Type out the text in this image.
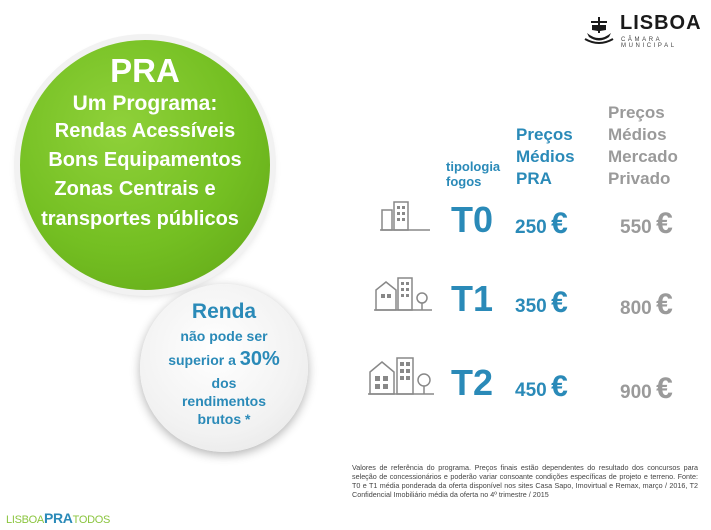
LISBOA
CÂMARA MUNICIPAL
PRA
Um Programa:
Rendas Acessíveis
Bons Equipamentos
Zonas Centrais e
transportes públicos
Renda
não pode ser
superior a 30%
dos
rendimentos
brutos *
tipologia
fogos
Preços
Médios
PRA
Preços
Médios
Mercado
Privado
T0 250 €	550 €
T1 350 €	800 €
T2 450 €	900 €
Valores de referência do programa. Preços finais estão dependentes do resultado dos concursos para seleção de concessionários e poderão variar consoante condições específicas de projeto e terreno. Fonte: T0 e T1 média ponderada da oferta disponível nos sites Casa Sapo, Imovirtual e Remax, março / 2016, T2 Confidencial Imobiliário média da oferta no 4º trimestre / 2015
LISBOAPRATODOS
